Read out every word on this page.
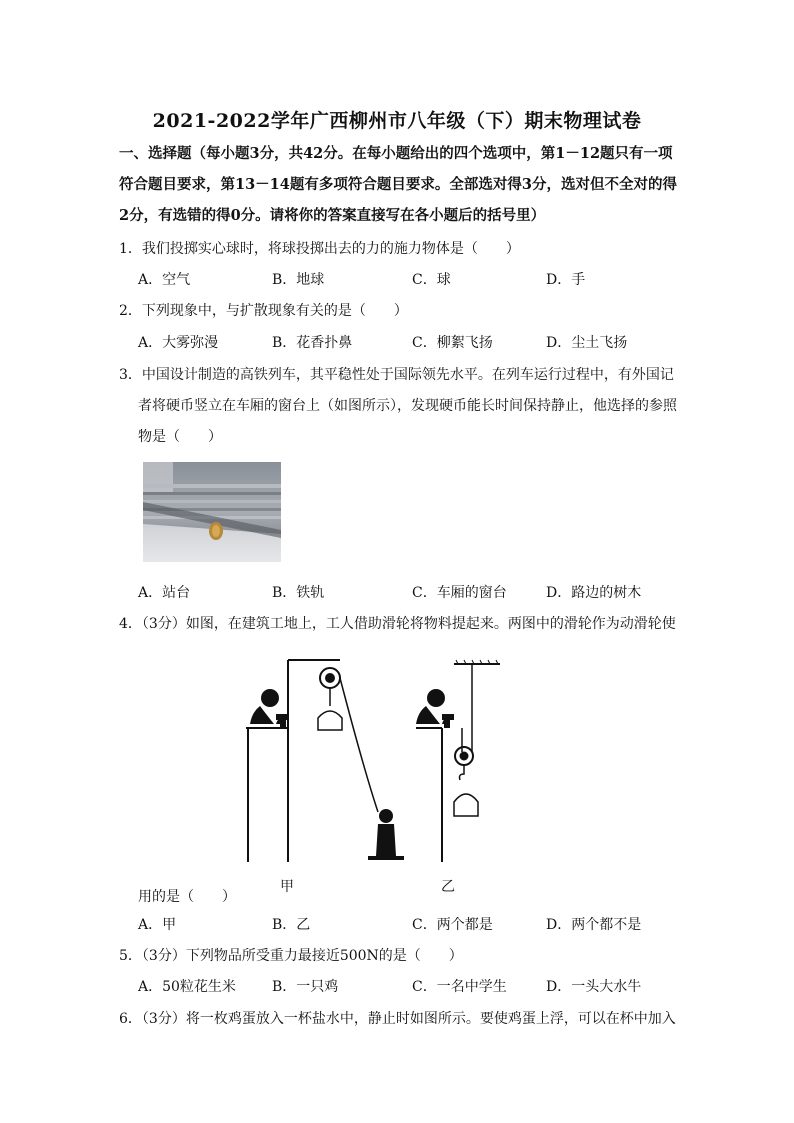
2021-2022学年广西柳州市八年级（下）期末物理试卷
一、选择题（每小题3分，共42分。在每小题给出的四个选项中，第1－12题只有一项符合题目要求，第13－14题有多项符合题目要求。全部选对得3分，选对但不全对的得2分，有选错的得0分。请将你的答案直接写在各小题后的括号里）
1．我们投掷实心球时，将球投掷出去的力的施力物体是（　　）
A．空气	B．地球	C．球	D．手
2．下列现象中，与扩散现象有关的是（　　）
A．大雾弥漫	B．花香扑鼻	C．柳絮飞扬	D．尘土飞扬
3．中国设计制造的高铁列车，其平稳性处于国际领先水平。在列车运行过程中，有外国记
者将硬币竖立在车厢的窗台上（如图所示），发现硬币能长时间保持静止，他选择的参照
物是（　　）
A．站台	B．铁轨	C．车厢的窗台	D．路边的树木
4．（3分）如图，在建筑工地上，工人借助滑轮将物料提起来。两图中的滑轮作为动滑轮使
甲	乙
用的是（　　）
A．甲	B．乙	C．两个都是	D．两个都不是
5．（3分）下列物品所受重力最接近500N的是（　　）
A．50粒花生米	B．一只鸡	C．一名中学生	D．一头大水牛
6．（3分）将一枚鸡蛋放入一杯盐水中，静止时如图所示。要使鸡蛋上浮，可以在杯中加入
